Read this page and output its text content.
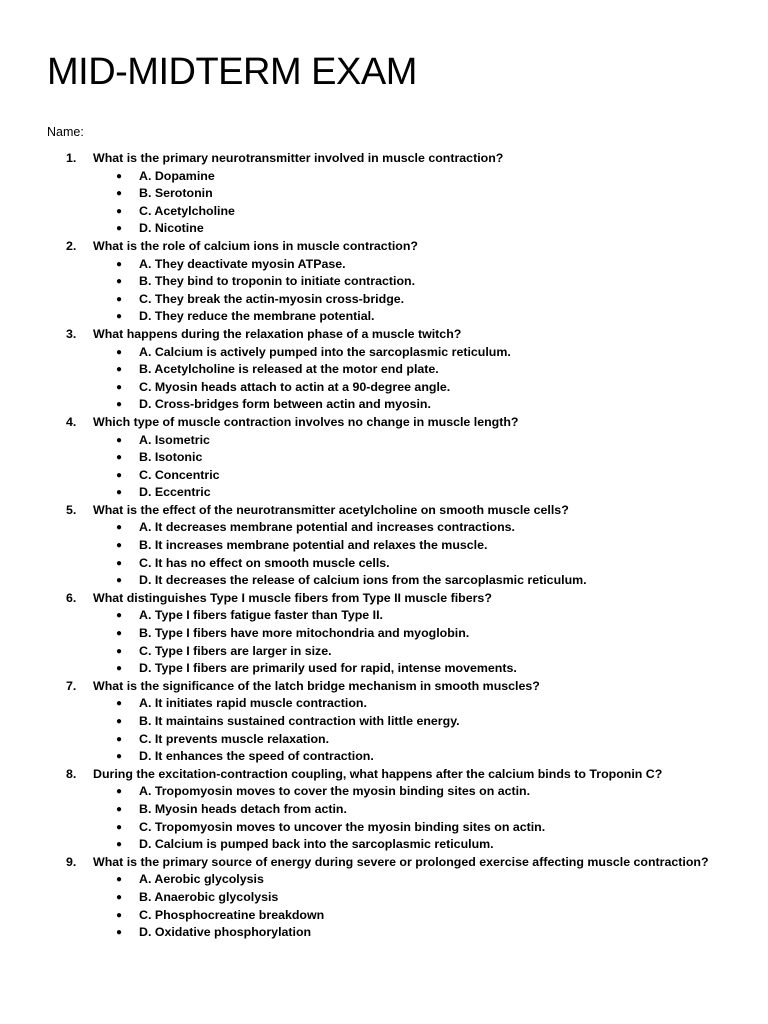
MID-MIDTERM EXAM
Name:
1.	What is the primary neurotransmitter involved in muscle contraction?
● A. Dopamine
● B. Serotonin
● C. Acetylcholine
● D. Nicotine
2.	What is the role of calcium ions in muscle contraction?
● A. They deactivate myosin ATPase.
● B. They bind to troponin to initiate contraction.
● C. They break the actin-myosin cross-bridge.
● D. They reduce the membrane potential.
3.	What happens during the relaxation phase of a muscle twitch?
● A. Calcium is actively pumped into the sarcoplasmic reticulum.
● B. Acetylcholine is released at the motor end plate.
● C. Myosin heads attach to actin at a 90-degree angle.
● D. Cross-bridges form between actin and myosin.
4.	Which type of muscle contraction involves no change in muscle length?
● A. Isometric
● B. Isotonic
● C. Concentric
● D. Eccentric
5.	What is the effect of the neurotransmitter acetylcholine on smooth muscle cells?
● A. It decreases membrane potential and increases contractions.
● B. It increases membrane potential and relaxes the muscle.
● C. It has no effect on smooth muscle cells.
● D. It decreases the release of calcium ions from the sarcoplasmic reticulum.
6.	What distinguishes Type I muscle fibers from Type II muscle fibers?
● A. Type I fibers fatigue faster than Type II.
● B. Type I fibers have more mitochondria and myoglobin.
● C. Type I fibers are larger in size.
● D. Type I fibers are primarily used for rapid, intense movements.
7.	What is the significance of the latch bridge mechanism in smooth muscles?
● A. It initiates rapid muscle contraction.
● B. It maintains sustained contraction with little energy.
● C. It prevents muscle relaxation.
● D. It enhances the speed of contraction.
8.	During the excitation-contraction coupling, what happens after the calcium binds to Troponin C?
● A. Tropomyosin moves to cover the myosin binding sites on actin.
● B. Myosin heads detach from actin.
● C. Tropomyosin moves to uncover the myosin binding sites on actin.
● D. Calcium is pumped back into the sarcoplasmic reticulum.
9.	What is the primary source of energy during severe or prolonged exercise affecting muscle contraction?
● A. Aerobic glycolysis
● B. Anaerobic glycolysis
● C. Phosphocreatine breakdown
● D. Oxidative phosphorylation
